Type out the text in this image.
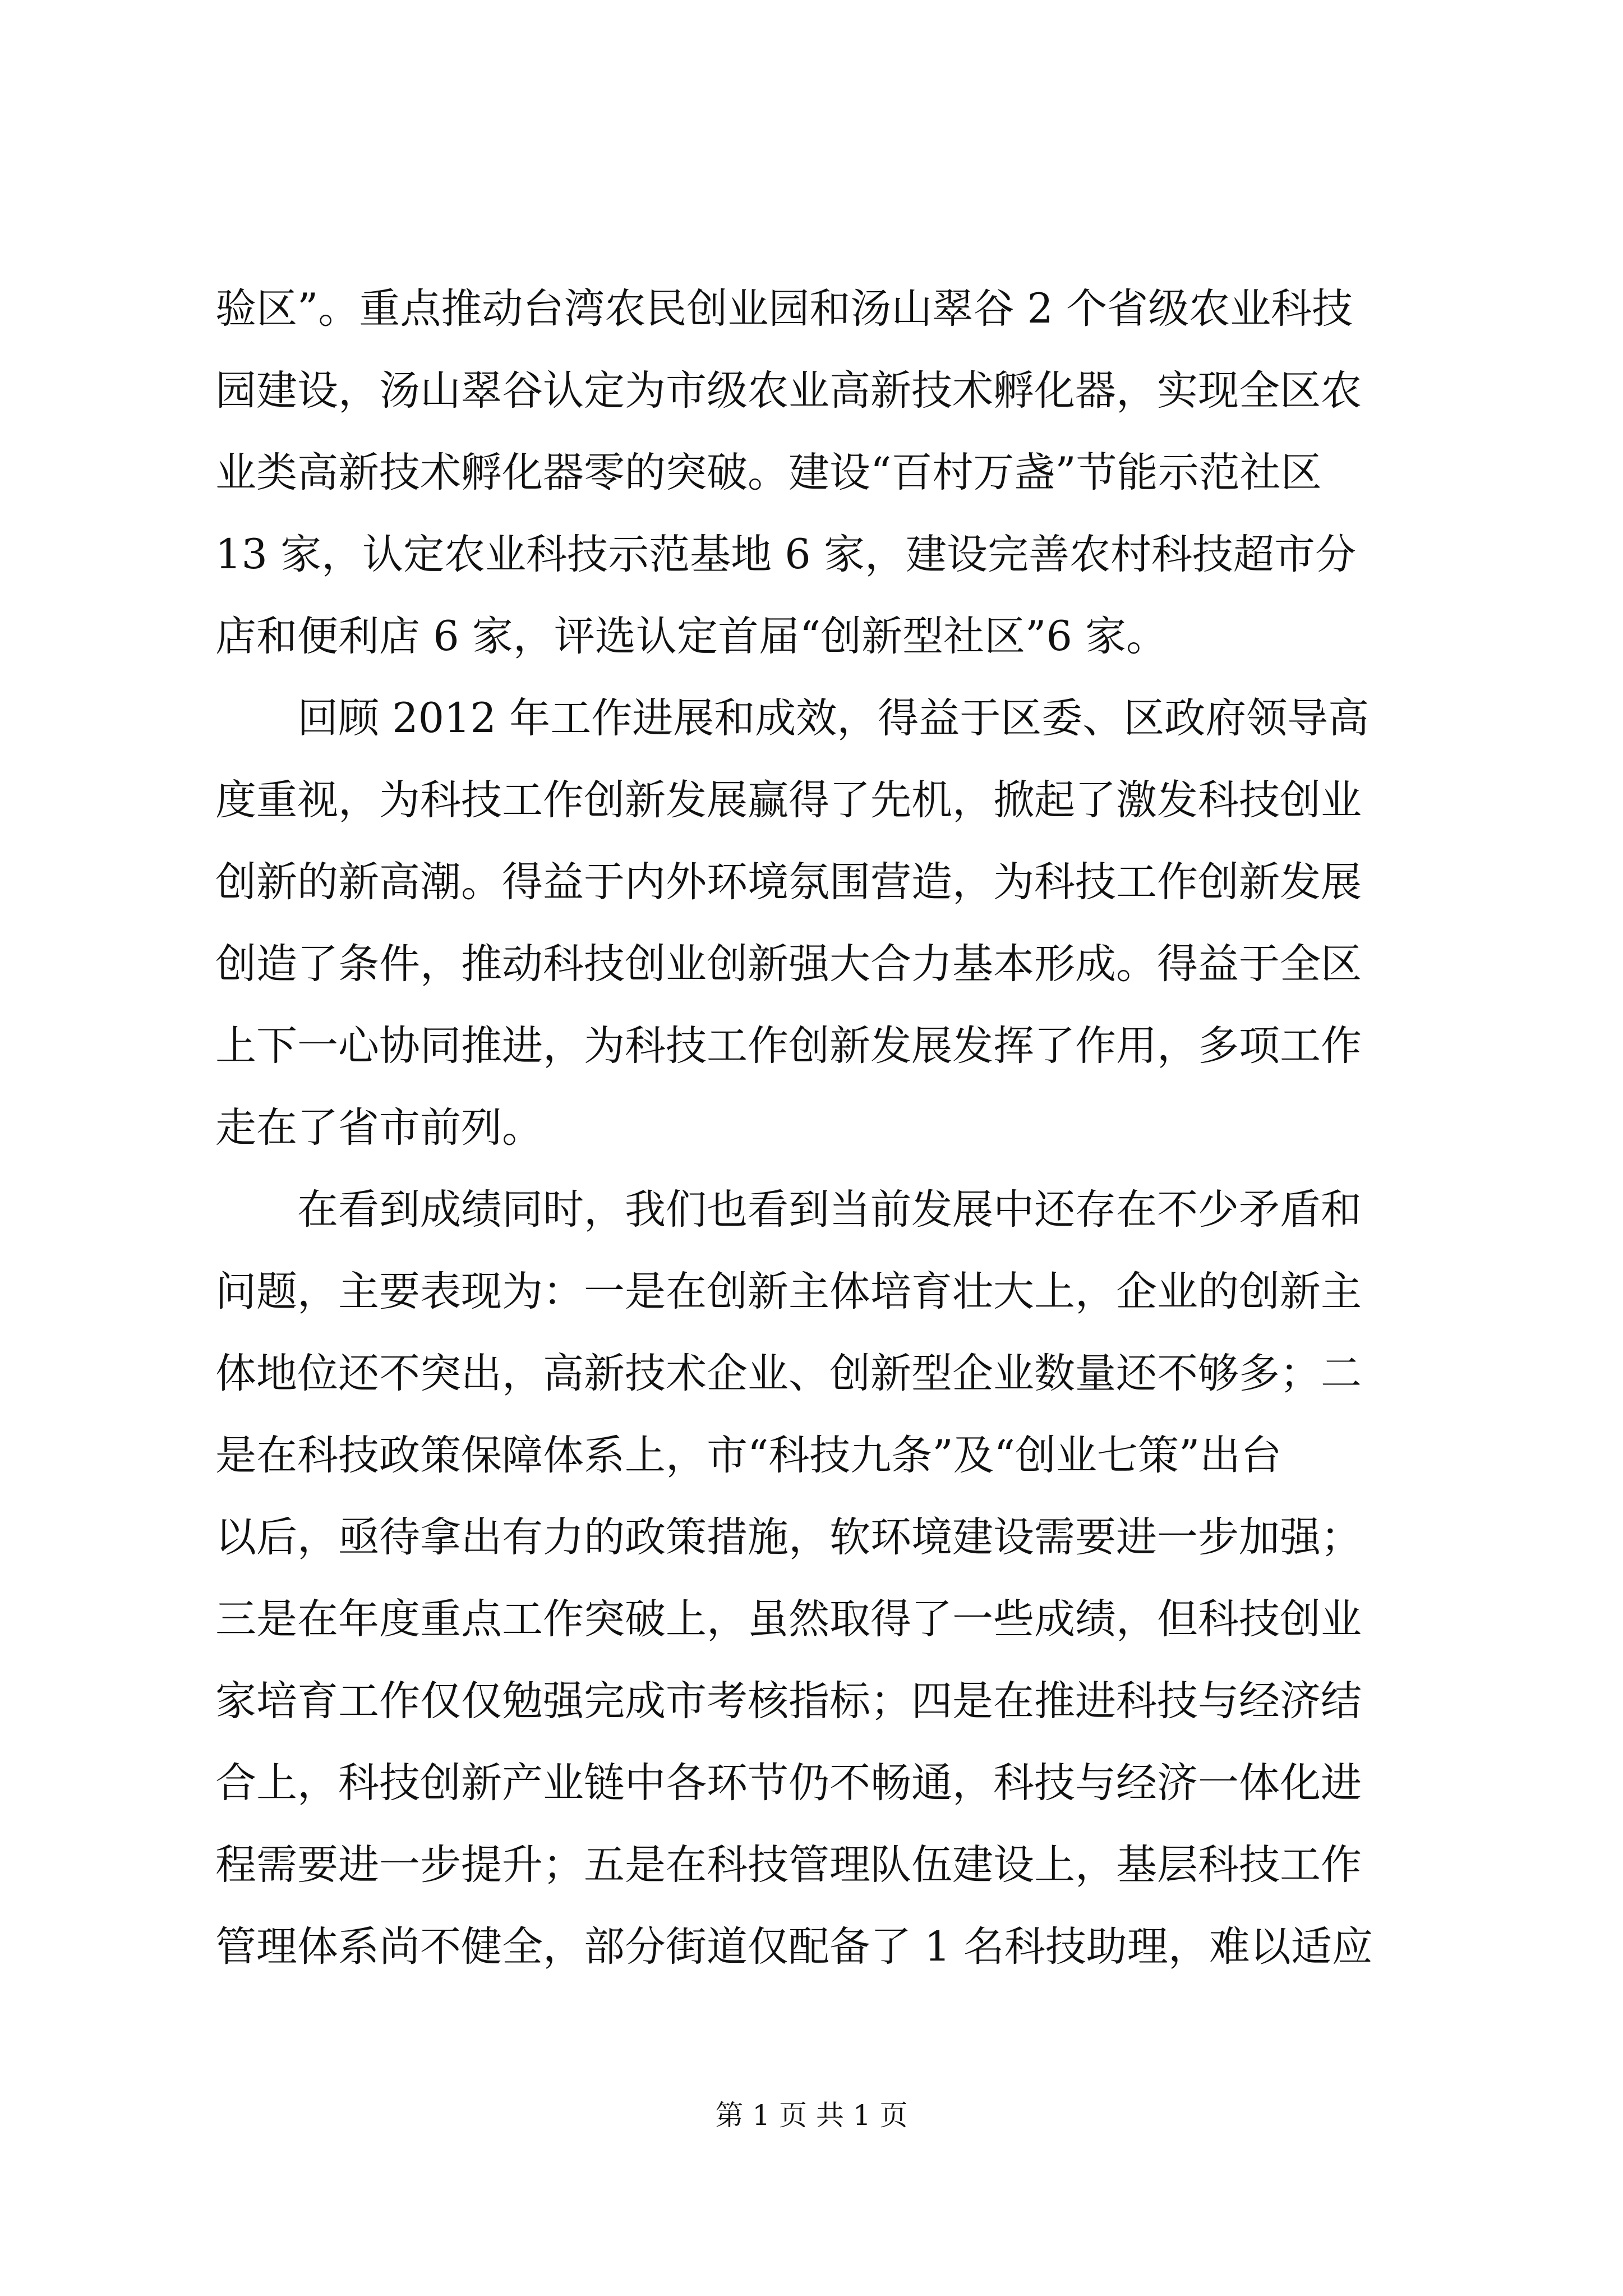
验区”。重点推动台湾农民创业园和汤山翠谷 2 个省级农业科技
园建设，汤山翠谷认定为市级农业高新技术孵化器，实现全区农
业类高新技术孵化器零的突破。建设“百村万盏”节能示范社区
13 家，认定农业科技示范基地 6 家，建设完善农村科技超市分
店和便利店 6 家，评选认定首届“创新型社区”6 家。
　　回顾 2012 年工作进展和成效，得益于区委、区政府领导高
度重视，为科技工作创新发展赢得了先机，掀起了激发科技创业
创新的新高潮。得益于内外环境氛围营造，为科技工作创新发展
创造了条件，推动科技创业创新强大合力基本形成。得益于全区
上下一心协同推进，为科技工作创新发展发挥了作用，多项工作
走在了省市前列。
　　在看到成绩同时，我们也看到当前发展中还存在不少矛盾和
问题，主要表现为：一是在创新主体培育壮大上，企业的创新主
体地位还不突出，高新技术企业、创新型企业数量还不够多；二
是在科技政策保障体系上，市“科技九条”及“创业七策”出台
以后，亟待拿出有力的政策措施，软环境建设需要进一步加强；
三是在年度重点工作突破上，虽然取得了一些成绩，但科技创业
家培育工作仅仅勉强完成市考核指标；四是在推进科技与经济结
合上，科技创新产业链中各环节仍不畅通，科技与经济一体化进
程需要进一步提升；五是在科技管理队伍建设上，基层科技工作
管理体系尚不健全，部分街道仅配备了 1 名科技助理，难以适应
第 1 页 共 1 页
